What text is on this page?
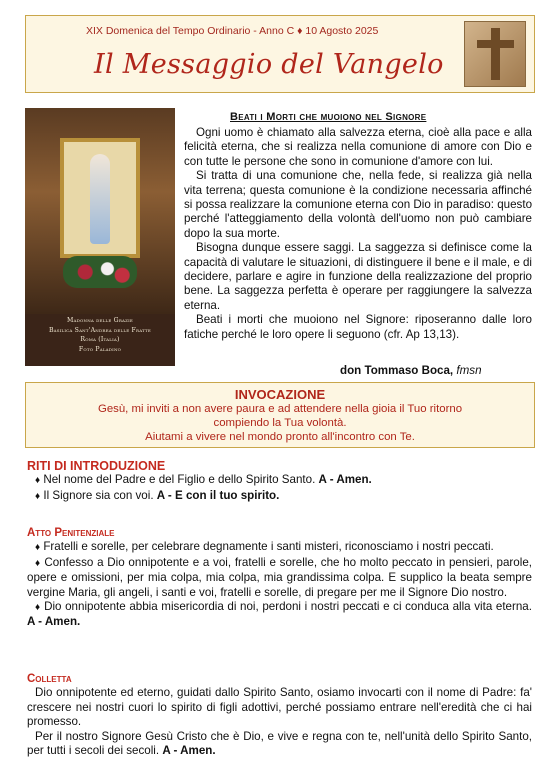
XIX Domenica del Tempo Ordinario - Anno C ♦ 10 Agosto 2025
Il Messaggio del Vangelo
Madonna delle Grazie
Basilica Sant'Andrea delle Fratte
Roma (Italia)
Foto Paladino
Beati i Morti che muoiono nel Signore

Ogni uomo è chiamato alla salvezza eterna, cioè alla pace e alla felicità eterna, che si realizza nella comunione di amore con Dio e con tutte le persone che sono in comunione d'amore con lui.

Si tratta di una comunione che, nella fede, si realizza già nella vita terrena; questa comunione è la condizione necessaria affinché si possa realizzare la comunione eterna con Dio in paradiso: questo perché l'atteggiamento della volontà dell'uomo non può cambiare dopo la sua morte.

Bisogna dunque essere saggi. La saggezza si definisce come la capacità di valutare le situazioni, di distinguere il bene e il male, e di decidere, parlare e agire in funzione della realizzazione del proprio bene. La saggezza perfetta è operare per raggiungere la salvezza eterna.

Beati i morti che muoiono nel Signore: riposeranno dalle loro fatiche perché le loro opere li seguono (cfr. Ap 13,13).

don Tommaso Boca, fmsn
INVOCAZIONE
Gesù, mi inviti a non avere paura e ad attendere nella gioia il Tuo ritorno
compiendo la Tua volontà.
Aiutami a vivere nel mondo pronto all'incontro con Te.
RITI DI INTRODUZIONE

♦ Nel nome del Padre e del Figlio e dello Spirito Santo. A - Amen.

♦ Il Signore sia con voi. A - E con il tuo spirito.

Atto Penitenziale

♦ Fratelli e sorelle, per celebrare degnamente i santi misteri, riconosciamo i nostri peccati.

♦ Confesso a Dio onnipotente e a voi, fratelli e sorelle, che ho molto peccato in pensieri, parole, opere e omissioni, per mia colpa, mia colpa, mia grandissima colpa. E supplico la beata sempre vergine Maria, gli angeli, i santi e voi, fratelli e sorelle, di pregare per me il Signore Dio nostro.

♦ Dio onnipotente abbia misericordia di noi, perdoni i nostri peccati e ci conduca alla vita eterna. A - Amen.

Colletta

Dio onnipotente ed eterno, guidati dallo Spirito Santo, osiamo invocarti con il nome di Padre: fa' crescere nei nostri cuori lo spirito di figli adottivi, perché possiamo entrare nell'eredità che ci hai promesso.

Per il nostro Signore Gesù Cristo che è Dio, e vive e regna con te, nell'unità dello Spirito Santo, per tutti i secoli dei secoli. A - Amen.
